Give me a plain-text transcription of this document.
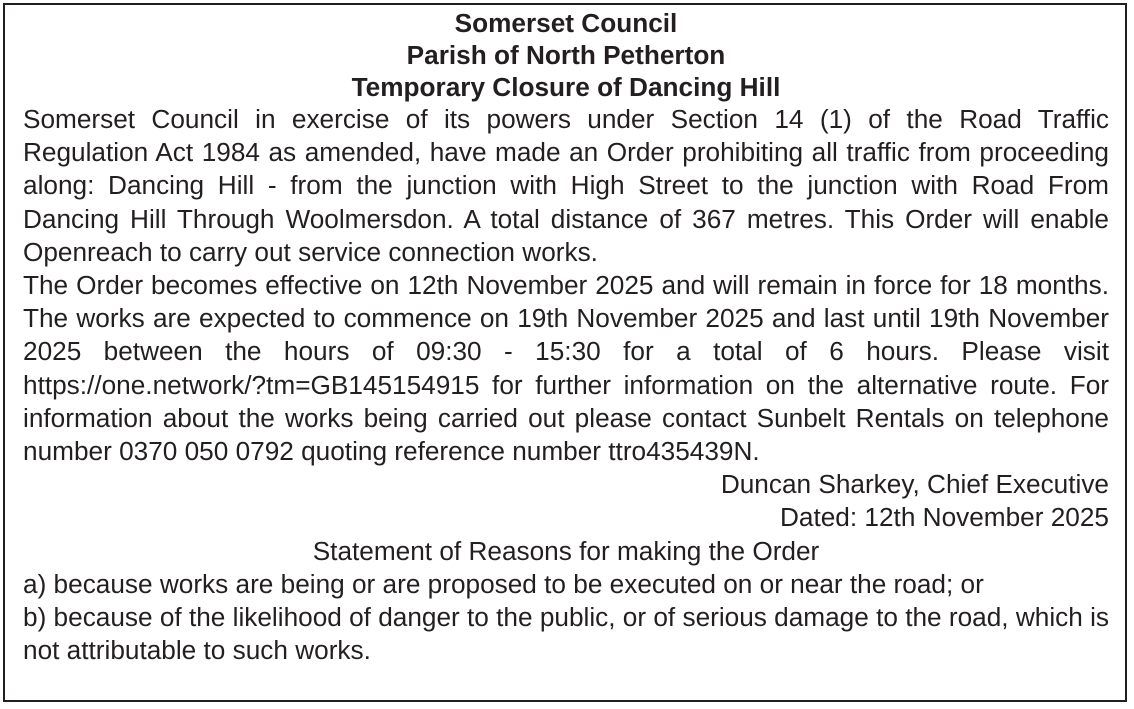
Somerset Council

Parish of North Petherton

Temporary Closure of Dancing Hill

Somerset Council in exercise of its powers under Section 14 (1) of the Road Traffic Regulation Act 1984 as amended, have made an Order prohibiting all traffic from proceeding along: Dancing Hill - from the junction with High Street to the junction with Road From Dancing Hill Through Woolmersdon. A total distance of 367 metres. This Order will enable Openreach to carry out service connection works.

The Order becomes effective on 12th November 2025 and will remain in force for 18 months. The works are expected to commence on 19th November 2025 and last until 19th November 2025 between the hours of 09:30 - 15:30 for a total of 6 hours. Please visit https://one.network/?tm=GB145154915 for further information on the alternative route. For information about the works being carried out please contact Sunbelt Rentals on telephone number 0370 050 0792 quoting reference number ttro435439N.

Duncan Sharkey, Chief Executive

Dated: 12th November 2025

Statement of Reasons for making the Order

a) because works are being or are proposed to be executed on or near the road; or

b) because of the likelihood of danger to the public, or of serious damage to the road, which is not attributable to such works.
